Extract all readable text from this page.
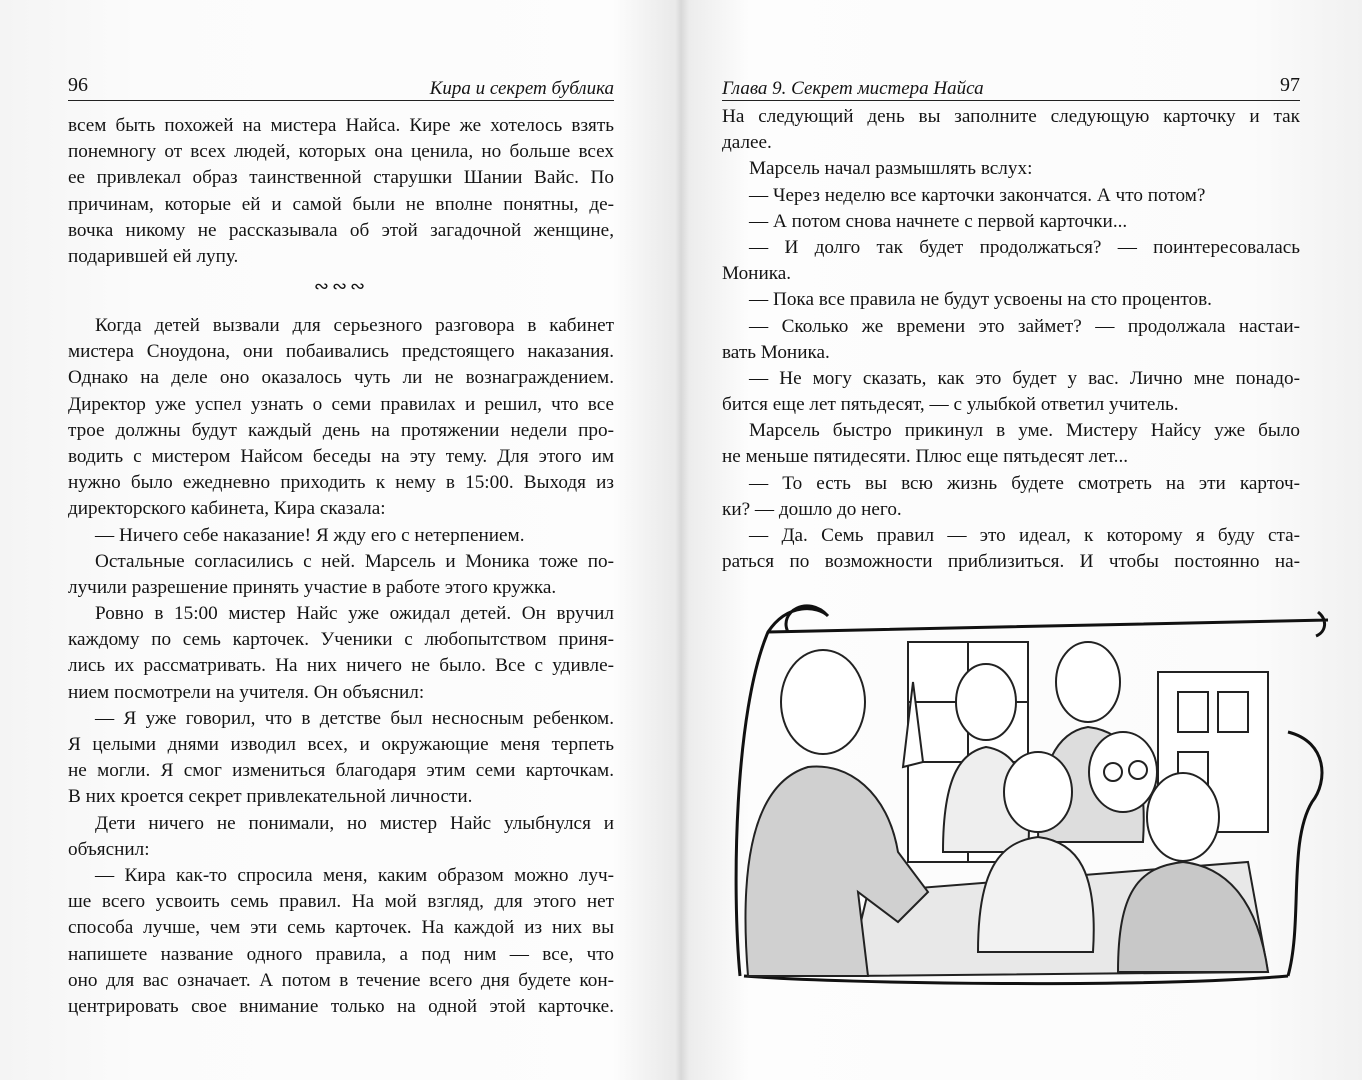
96	Кира и секрет бублика
всем быть похожей на мистера Найса. Кире же хотелось взять
понемногу от всех людей, которых она ценила, но больше всех
ее привлекал образ таинственной старушки Шании Вайс. По
причинам, которые ей и самой были не вполне понятны, де-
вочка никому не рассказывала об этой загадочной женщине,
подарившей ей лупу.
∾∾∾
Когда детей вызвали для серьезного разговора в кабинет
мистера Сноудона, они побаивались предстоящего наказания.
Однако на деле оно оказалось чуть ли не вознаграждением.
Директор уже успел узнать о семи правилах и решил, что все
трое должны будут каждый день на протяжении недели про-
водить с мистером Найсом беседы на эту тему. Для этого им
нужно было ежедневно приходить к нему в 15:00. Выходя из
директорского кабинета, Кира сказала:
— Ничего себе наказание! Я жду его с нетерпением.
Остальные согласились с ней. Марсель и Моника тоже по-
лучили разрешение принять участие в работе этого кружка.
Ровно в 15:00 мистер Найс уже ожидал детей. Он вручил
каждому по семь карточек. Ученики с любопытством приня-
лись их рассматривать. На них ничего не было. Все с удивле-
нием посмотрели на учителя. Он объяснил:
— Я уже говорил, что в детстве был несносным ребенком.
Я целыми днями изводил всех, и окружающие меня терпеть
не могли. Я смог измениться благодаря этим семи карточкам.
В них кроется секрет привлекательной личности.
Дети ничего не понимали, но мистер Найс улыбнулся и
объяснил:
— Кира как-то спросила меня, каким образом можно луч-
ше всего усвоить семь правил. На мой взгляд, для этого нет
способа лучше, чем эти семь карточек. На каждой из них вы
напишете название одного правила, а под ним — все, что
оно для вас означает. А потом в течение всего дня будете кон-
центрировать свое внимание только на одной этой карточке.
Глава 9. Секрет мистера Найса	97
На следующий день вы заполните следующую карточку и так
далее.
Марсель начал размышлять вслух:
— Через неделю все карточки закончатся. А что потом?
— А потом снова начнете с первой карточки...
— И долго так будет продолжаться? — поинтересовалась
Моника.
— Пока все правила не будут усвоены на сто процентов.
— Сколько же времени это займет? — продолжала настаи-
вать Моника.
— Не могу сказать, как это будет у вас. Лично мне понадо-
бится еще лет пятьдесят, — с улыбкой ответил учитель.
Марсель быстро прикинул в уме. Мистеру Найсу уже было
не меньше пятидесяти. Плюс еще пятьдесят лет...
— То есть вы всю жизнь будете смотреть на эти карточ-
ки? — дошло до него.
— Да. Семь правил — это идеал, к которому я буду ста-
раться по возможности приблизиться. И чтобы постоянно на-
